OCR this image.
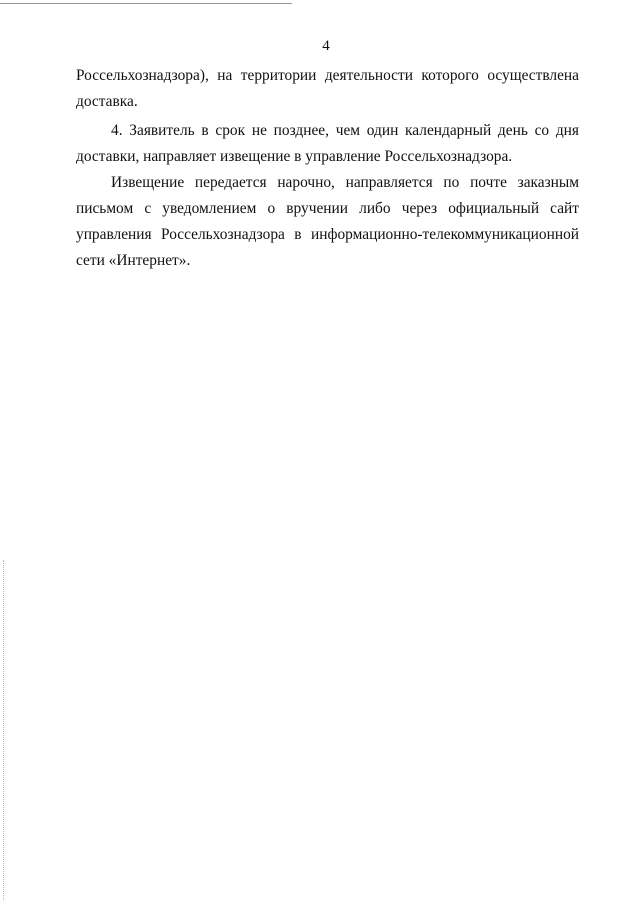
4

Россельхознадзора), на территории деятельности которого осуществлена доставка.

4. Заявитель в срок не позднее, чем один календарный день со дня доставки, направляет извещение в управление Россельхознадзора.

Извещение передается нарочно, направляется по почте заказным письмом с уведомлением о вручении либо через официальный сайт управления Россельхознадзора в информационно-телекоммуникационной сети «Интернет».
